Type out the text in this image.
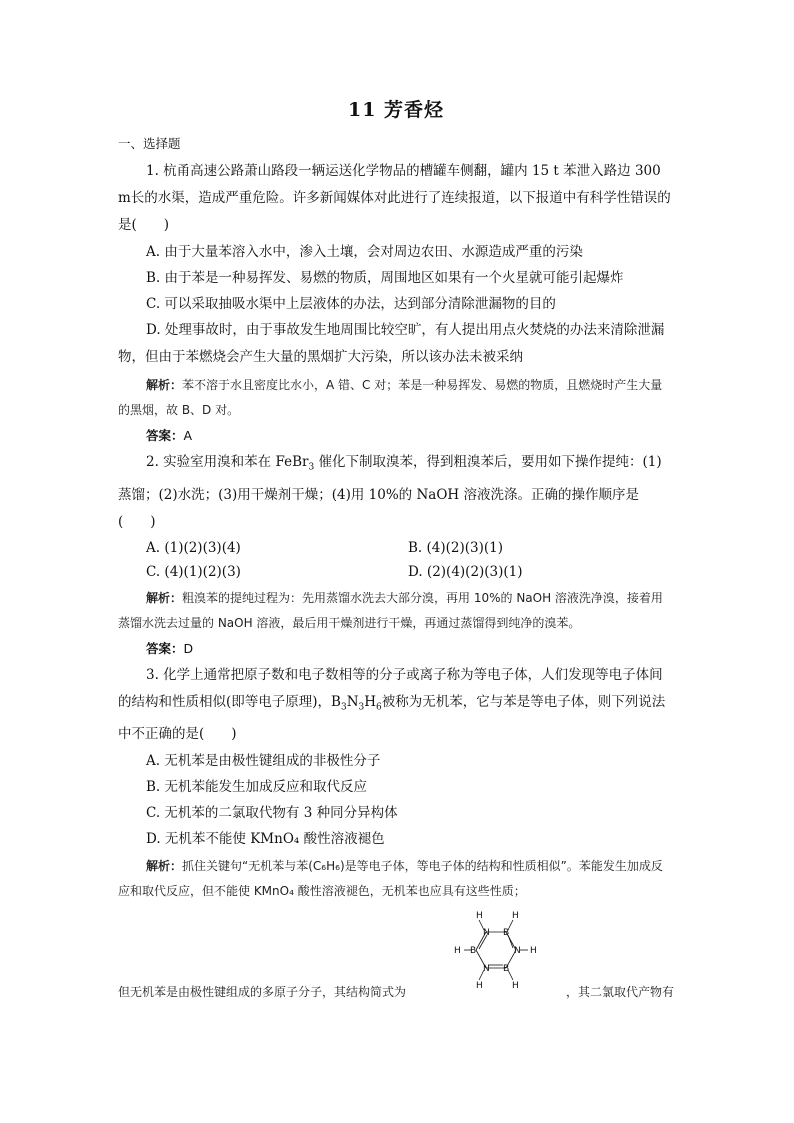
11 芳香烃
一、选择题

1. 杭甬高速公路萧山路段一辆运送化学物品的槽罐车侧翻，罐内 15 t 苯泄入路边 300 m长的水渠，造成严重危险。许多新闻媒体对此进行了连续报道，以下报道中有科学性错误的是(　　)

A. 由于大量苯溶入水中，渗入土壤，会对周边农田、水源造成严重的污染

B. 由于苯是一种易挥发、易燃的物质，周围地区如果有一个火星就可能引起爆炸

C. 可以采取抽吸水渠中上层液体的办法，达到部分清除泄漏物的目的

D. 处理事故时，由于事故发生地周围比较空旷，有人提出用点火焚烧的办法来清除泄漏物，但由于苯燃烧会产生大量的黑烟扩大污染，所以该办法未被采纳

解析：苯不溶于水且密度比水小，A 错、C 对；苯是一种易挥发、易燃的物质，且燃烧时产生大量的黑烟，故 B、D 对。

答案：A

2. 实验室用溴和苯在 FeBr$_3$ 催化下制取溴苯，得到粗溴苯后，要用如下操作提纯：(1)蒸馏；(2)水洗；(3)用干燥剂干燥；(4)用 10%的 NaOH 溶液洗涤。正确的操作顺序是(　　)

A. (1)(2)(3)(4)	B. (4)(2)(3)(1)
C. (4)(1)(2)(3)	D. (2)(4)(2)(3)(1)

解析：粗溴苯的提纯过程为：先用蒸馏水洗去大部分溴，再用 10%的 NaOH 溶液洗净溴，接着用蒸馏水洗去过量的 NaOH 溶液，最后用干燥剂进行干燥，再通过蒸馏得到纯净的溴苯。

答案：D

3. 化学上通常把原子数和电子数相等的分子或离子称为等电子体，人们发现等电子体间的结构和性质相似(即等电子原理)，$B_3N_3H_6$被称为无机苯，它与苯是等电子体，则下列说法中不正确的是(　　)

A. 无机苯是由极性键组成的非极性分子

B. 无机苯能发生加成反应和取代反应

C. 无机苯的二氯取代物有 3 种同分异构体

D. 无机苯不能使 KMnO₄ 酸性溶液褪色

解析：抓住关键句“无机苯与苯(C₆H₆)是等电子体，等电子体的结构和性质相似”。苯能发生加成反应和取代反应，但不能使 KMnO₄ 酸性溶液褪色，无机苯也应具有这些性质；

H
N B
H
H B	N H
N B
H	H
但无机苯是由极性键组成的多原子分子，其结构简式为	，其二氯取代产物有
